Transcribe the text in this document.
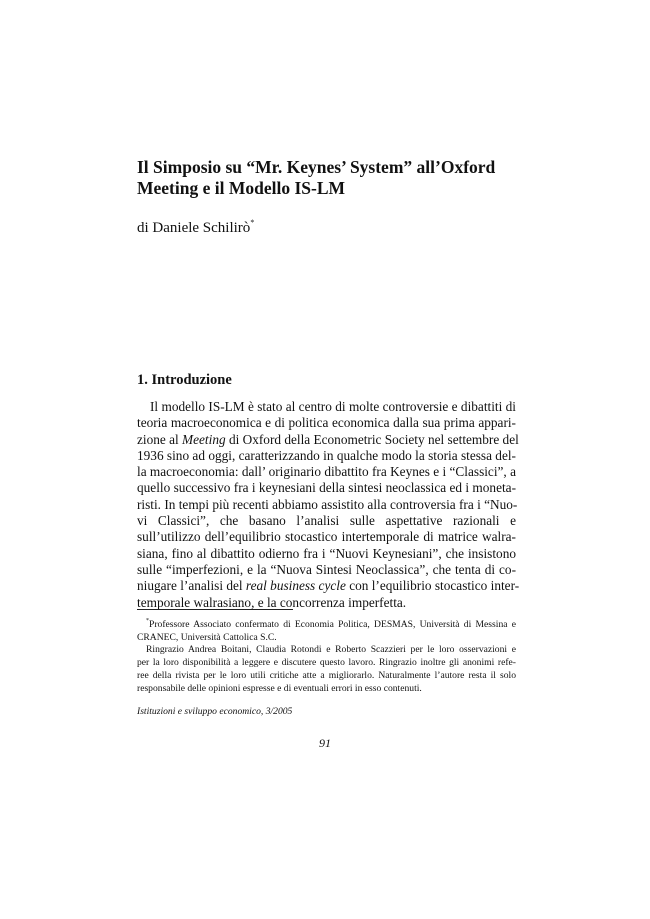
Il Simposio su “Mr. Keynes’ System” all’Oxford
Meeting e il Modello IS-LM

di Daniele Schilirò*

1. Introduzione
Il modello IS-LM è stato al centro di molte controversie e dibattiti di
teoria macroeconomica e di politica economica dalla sua prima appari-
zione al Meeting di Oxford della Econometric Society nel settembre del
1936 sino ad oggi, caratterizzando in qualche modo la storia stessa del-
la macroeconomia: dall’ originario dibattito fra Keynes e i “Classici”, a
quello successivo fra i keynesiani della sintesi neoclassica ed i moneta-
risti. In tempi più recenti abbiamo assistito alla controversia fra i “Nuo-
vi Classici”, che basano l’analisi sulle aspettative razionali e
sull’utilizzo dell’equilibrio stocastico intertemporale di matrice walra-
siana, fino al dibattito odierno fra i “Nuovi Keynesiani”, che insistono
sulle “imperfezioni, e la “Nuova Sintesi Neoclassica”, che tenta di co-
niugare l’analisi del real business cycle con l’equilibrio stocastico inter-
temporale walrasiano, e la concorrenza imperfetta.
*Professore Associato confermato di Economia Politica, DESMAS, Università di Messina e
CRANEC, Università Cattolica S.C.
Ringrazio Andrea Boitani, Claudia Rotondi e Roberto Scazzieri per le loro osservazioni e
per la loro disponibilità a leggere e discutere questo lavoro. Ringrazio inoltre gli anonimi refe-
ree della rivista per le loro utili critiche atte a migliorarlo. Naturalmente l’autore resta il solo
responsabile delle opinioni espresse e di eventuali errori in esso contenuti.

Istituzioni e sviluppo economico, 3/2005

91
